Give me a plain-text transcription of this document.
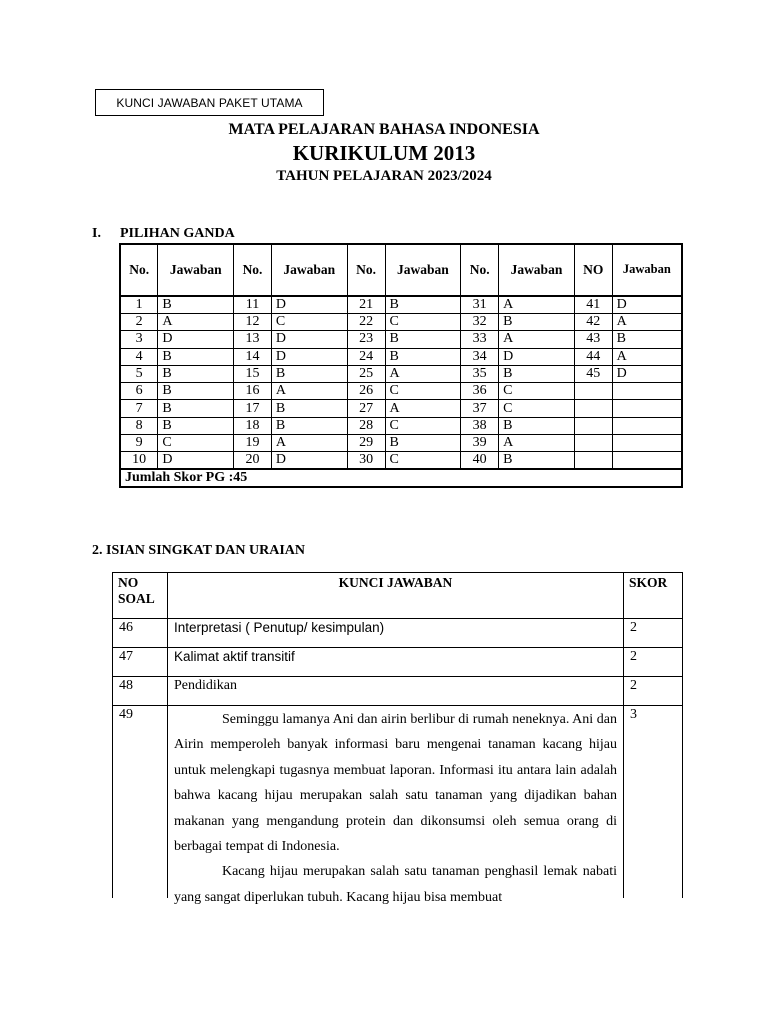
KUNCI JAWABAN PAKET UTAMA
MATA PELAJARAN BAHASA INDONESIA
KURIKULUM 2013
TAHUN PELAJARAN 2023/2024
I. PILIHAN GANDA
No.	Jawaban	No.	Jawaban	No.	Jawaban	No.	Jawaban	NO	Jawaban
1	B	11	D	21	B	31	A	41	D
2	A	12	C	22	C	32	B	42	A
3	D	13	D	23	B	33	A	43	B
4	B	14	D	24	B	34	D	44	A
5	B	15	B	25	A	35	B	45	D
6	B	16	A	26	C	36	C		
7	B	17	B	27	A	37	C		
8	B	18	B	28	C	38	B		
9	C	19	A	29	B	39	A		
10	D	20	D	30	C	40	B		
Jumlah Skor PG :45									
2. ISIAN SINGKAT DAN URAIAN
NO
SOAL	KUNCI JAWABAN	SKOR
46	Interpretasi ( Penutup/ kesimpulan)	2
47	Kalimat aktif transitif	2
48	Pendidikan	2
49	Seminggu lamanya Ani dan airin berlibur di rumah neneknya. Ani dan Airin memperoleh banyak informasi baru mengenai tanaman kacang hijau untuk melengkapi tugasnya membuat laporan. Informasi itu antara lain adalah bahwa kacang hijau merupakan salah satu tanaman yang dijadikan bahan makanan yang mengandung protein dan dikonsumsi oleh semua orang di berbagai tempat di Indonesia.

Kacang hijau merupakan salah satu tanaman penghasil lemak nabati yang sangat diperlukan tubuh. Kacang hijau bisa membuat	3
